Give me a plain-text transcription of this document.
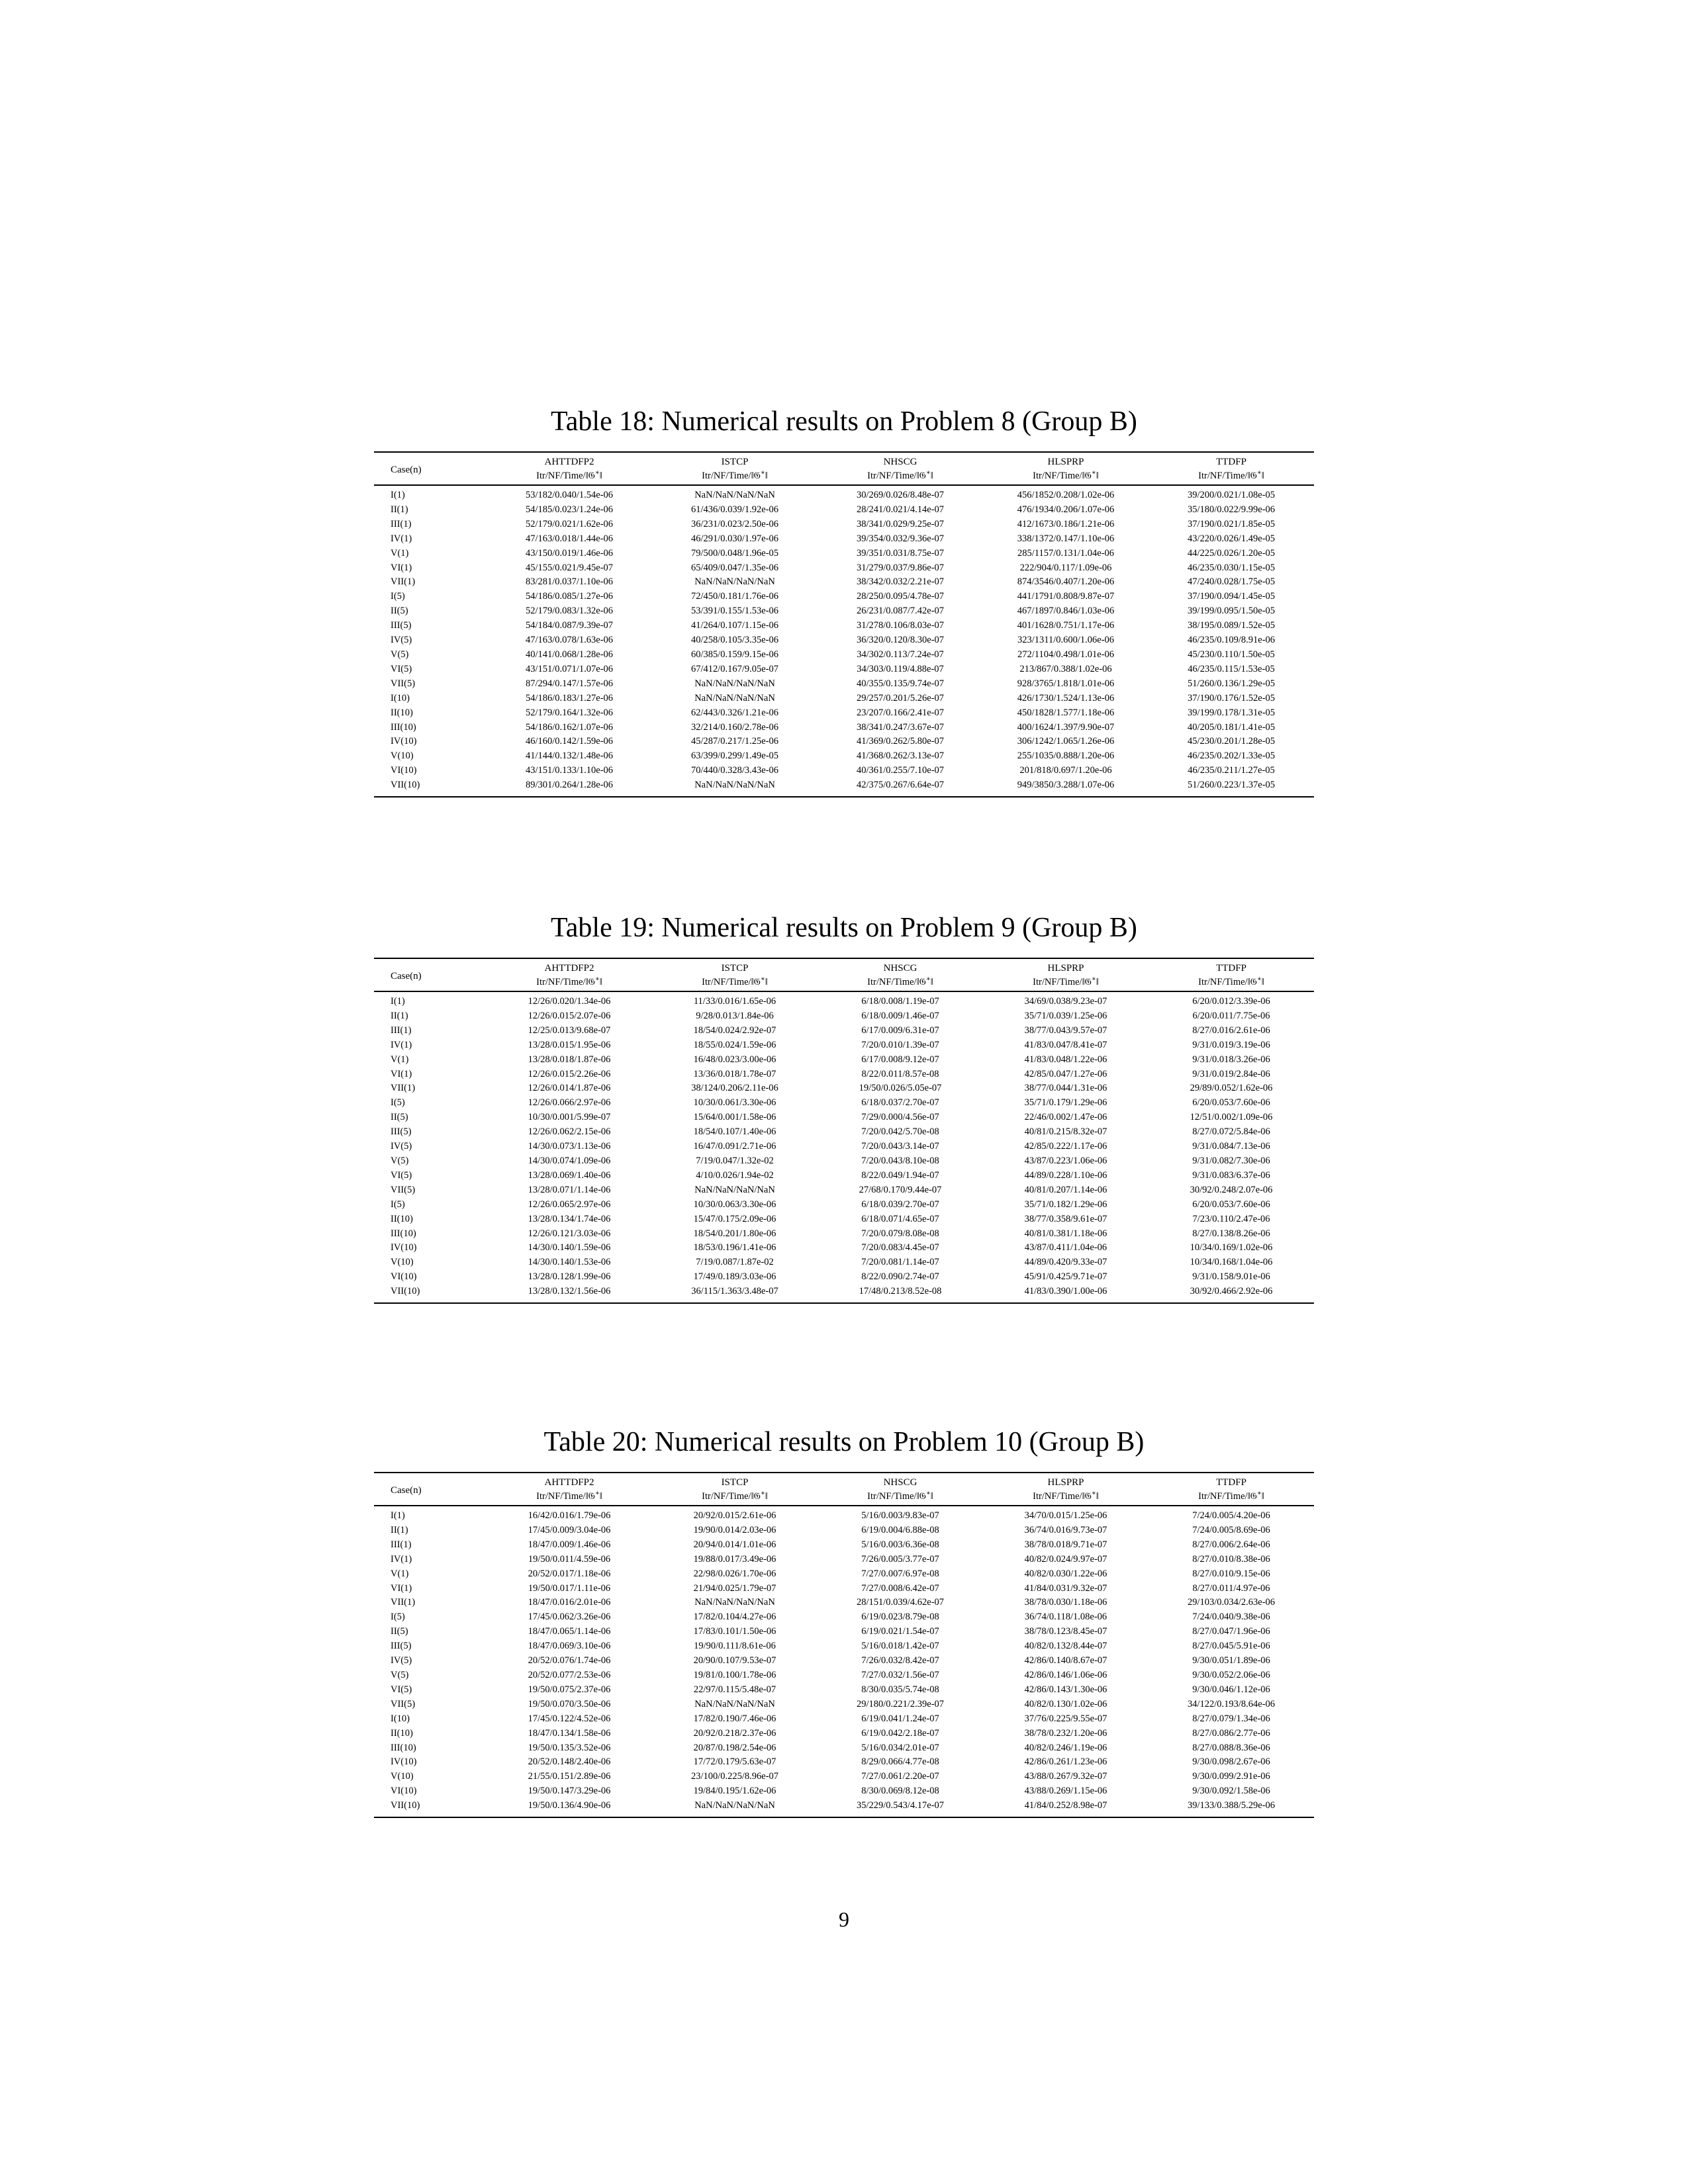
Table 18: Numerical results on Problem 8 (Group B)
Case(n)	AHTTDFP2	ISTCP	NHSCG	HLSPRP	TTDFP
	Itr/NF/Time/‖𝔊∗‖	Itr/NF/Time/‖𝔊∗‖	Itr/NF/Time/‖𝔊∗‖	Itr/NF/Time/‖𝔊∗‖	Itr/NF/Time/‖𝔊∗‖
I(1)	53/182/0.040/1.54e-06	NaN/NaN/NaN/NaN	30/269/0.026/8.48e-07	456/1852/0.208/1.02e-06	39/200/0.021/1.08e-05
II(1)	54/185/0.023/1.24e-06	61/436/0.039/1.92e-06	28/241/0.021/4.14e-07	476/1934/0.206/1.07e-06	35/180/0.022/9.99e-06
III(1)	52/179/0.021/1.62e-06	36/231/0.023/2.50e-06	38/341/0.029/9.25e-07	412/1673/0.186/1.21e-06	37/190/0.021/1.85e-05
IV(1)	47/163/0.018/1.44e-06	46/291/0.030/1.97e-06	39/354/0.032/9.36e-07	338/1372/0.147/1.10e-06	43/220/0.026/1.49e-05
V(1)	43/150/0.019/1.46e-06	79/500/0.048/1.96e-05	39/351/0.031/8.75e-07	285/1157/0.131/1.04e-06	44/225/0.026/1.20e-05
VI(1)	45/155/0.021/9.45e-07	65/409/0.047/1.35e-06	31/279/0.037/9.86e-07	222/904/0.117/1.09e-06	46/235/0.030/1.15e-05
VII(1)	83/281/0.037/1.10e-06	NaN/NaN/NaN/NaN	38/342/0.032/2.21e-07	874/3546/0.407/1.20e-06	47/240/0.028/1.75e-05
I(5)	54/186/0.085/1.27e-06	72/450/0.181/1.76e-06	28/250/0.095/4.78e-07	441/1791/0.808/9.87e-07	37/190/0.094/1.45e-05
II(5)	52/179/0.083/1.32e-06	53/391/0.155/1.53e-06	26/231/0.087/7.42e-07	467/1897/0.846/1.03e-06	39/199/0.095/1.50e-05
III(5)	54/184/0.087/9.39e-07	41/264/0.107/1.15e-06	31/278/0.106/8.03e-07	401/1628/0.751/1.17e-06	38/195/0.089/1.52e-05
IV(5)	47/163/0.078/1.63e-06	40/258/0.105/3.35e-06	36/320/0.120/8.30e-07	323/1311/0.600/1.06e-06	46/235/0.109/8.91e-06
V(5)	40/141/0.068/1.28e-06	60/385/0.159/9.15e-06	34/302/0.113/7.24e-07	272/1104/0.498/1.01e-06	45/230/0.110/1.50e-05
VI(5)	43/151/0.071/1.07e-06	67/412/0.167/9.05e-07	34/303/0.119/4.88e-07	213/867/0.388/1.02e-06	46/235/0.115/1.53e-05
VII(5)	87/294/0.147/1.57e-06	NaN/NaN/NaN/NaN	40/355/0.135/9.74e-07	928/3765/1.818/1.01e-06	51/260/0.136/1.29e-05
I(10)	54/186/0.183/1.27e-06	NaN/NaN/NaN/NaN	29/257/0.201/5.26e-07	426/1730/1.524/1.13e-06	37/190/0.176/1.52e-05
II(10)	52/179/0.164/1.32e-06	62/443/0.326/1.21e-06	23/207/0.166/2.41e-07	450/1828/1.577/1.18e-06	39/199/0.178/1.31e-05
III(10)	54/186/0.162/1.07e-06	32/214/0.160/2.78e-06	38/341/0.247/3.67e-07	400/1624/1.397/9.90e-07	40/205/0.181/1.41e-05
IV(10)	46/160/0.142/1.59e-06	45/287/0.217/1.25e-06	41/369/0.262/5.80e-07	306/1242/1.065/1.26e-06	45/230/0.201/1.28e-05
V(10)	41/144/0.132/1.48e-06	63/399/0.299/1.49e-05	41/368/0.262/3.13e-07	255/1035/0.888/1.20e-06	46/235/0.202/1.33e-05
VI(10)	43/151/0.133/1.10e-06	70/440/0.328/3.43e-06	40/361/0.255/7.10e-07	201/818/0.697/1.20e-06	46/235/0.211/1.27e-05
VII(10)	89/301/0.264/1.28e-06	NaN/NaN/NaN/NaN	42/375/0.267/6.64e-07	949/3850/3.288/1.07e-06	51/260/0.223/1.37e-05
Table 19: Numerical results on Problem 9 (Group B)
Case(n)	AHTTDFP2	ISTCP	NHSCG	HLSPRP	TTDFP
	Itr/NF/Time/‖𝔊∗‖	Itr/NF/Time/‖𝔊∗‖	Itr/NF/Time/‖𝔊∗‖	Itr/NF/Time/‖𝔊∗‖	Itr/NF/Time/‖𝔊∗‖
I(1)	12/26/0.020/1.34e-06	11/33/0.016/1.65e-06	6/18/0.008/1.19e-07	34/69/0.038/9.23e-07	6/20/0.012/3.39e-06
II(1)	12/26/0.015/2.07e-06	9/28/0.013/1.84e-06	6/18/0.009/1.46e-07	35/71/0.039/1.25e-06	6/20/0.011/7.75e-06
III(1)	12/25/0.013/9.68e-07	18/54/0.024/2.92e-07	6/17/0.009/6.31e-07	38/77/0.043/9.57e-07	8/27/0.016/2.61e-06
IV(1)	13/28/0.015/1.95e-06	18/55/0.024/1.59e-06	7/20/0.010/1.39e-07	41/83/0.047/8.41e-07	9/31/0.019/3.19e-06
V(1)	13/28/0.018/1.87e-06	16/48/0.023/3.00e-06	6/17/0.008/9.12e-07	41/83/0.048/1.22e-06	9/31/0.018/3.26e-06
VI(1)	12/26/0.015/2.26e-06	13/36/0.018/1.78e-07	8/22/0.011/8.57e-08	42/85/0.047/1.27e-06	9/31/0.019/2.84e-06
VII(1)	12/26/0.014/1.87e-06	38/124/0.206/2.11e-06	19/50/0.026/5.05e-07	38/77/0.044/1.31e-06	29/89/0.052/1.62e-06
I(5)	12/26/0.066/2.97e-06	10/30/0.061/3.30e-06	6/18/0.037/2.70e-07	35/71/0.179/1.29e-06	6/20/0.053/7.60e-06
II(5)	10/30/0.001/5.99e-07	15/64/0.001/1.58e-06	7/29/0.000/4.56e-07	22/46/0.002/1.47e-06	12/51/0.002/1.09e-06
III(5)	12/26/0.062/2.15e-06	18/54/0.107/1.40e-06	7/20/0.042/5.70e-08	40/81/0.215/8.32e-07	8/27/0.072/5.84e-06
IV(5)	14/30/0.073/1.13e-06	16/47/0.091/2.71e-06	7/20/0.043/3.14e-07	42/85/0.222/1.17e-06	9/31/0.084/7.13e-06
V(5)	14/30/0.074/1.09e-06	7/19/0.047/1.32e-02	7/20/0.043/8.10e-08	43/87/0.223/1.06e-06	9/31/0.082/7.30e-06
VI(5)	13/28/0.069/1.40e-06	4/10/0.026/1.94e-02	8/22/0.049/1.94e-07	44/89/0.228/1.10e-06	9/31/0.083/6.37e-06
VII(5)	13/28/0.071/1.14e-06	NaN/NaN/NaN/NaN	27/68/0.170/9.44e-07	40/81/0.207/1.14e-06	30/92/0.248/2.07e-06
I(5)	12/26/0.065/2.97e-06	10/30/0.063/3.30e-06	6/18/0.039/2.70e-07	35/71/0.182/1.29e-06	6/20/0.053/7.60e-06
II(10)	13/28/0.134/1.74e-06	15/47/0.175/2.09e-06	6/18/0.071/4.65e-07	38/77/0.358/9.61e-07	7/23/0.110/2.47e-06
III(10)	12/26/0.121/3.03e-06	18/54/0.201/1.80e-06	7/20/0.079/8.08e-08	40/81/0.381/1.18e-06	8/27/0.138/8.26e-06
IV(10)	14/30/0.140/1.59e-06	18/53/0.196/1.41e-06	7/20/0.083/4.45e-07	43/87/0.411/1.04e-06	10/34/0.169/1.02e-06
V(10)	14/30/0.140/1.53e-06	7/19/0.087/1.87e-02	7/20/0.081/1.14e-07	44/89/0.420/9.33e-07	10/34/0.168/1.04e-06
VI(10)	13/28/0.128/1.99e-06	17/49/0.189/3.03e-06	8/22/0.090/2.74e-07	45/91/0.425/9.71e-07	9/31/0.158/9.01e-06
VII(10)	13/28/0.132/1.56e-06	36/115/1.363/3.48e-07	17/48/0.213/8.52e-08	41/83/0.390/1.00e-06	30/92/0.466/2.92e-06
Table 20: Numerical results on Problem 10 (Group B)
Case(n)	AHTTDFP2	ISTCP	NHSCG	HLSPRP	TTDFP
	Itr/NF/Time/‖𝔊∗‖	Itr/NF/Time/‖𝔊∗‖	Itr/NF/Time/‖𝔊∗‖	Itr/NF/Time/‖𝔊∗‖	Itr/NF/Time/‖𝔊∗‖
I(1)	16/42/0.016/1.79e-06	20/92/0.015/2.61e-06	5/16/0.003/9.83e-07	34/70/0.015/1.25e-06	7/24/0.005/4.20e-06
II(1)	17/45/0.009/3.04e-06	19/90/0.014/2.03e-06	6/19/0.004/6.88e-08	36/74/0.016/9.73e-07	7/24/0.005/8.69e-06
III(1)	18/47/0.009/1.46e-06	20/94/0.014/1.01e-06	5/16/0.003/6.36e-08	38/78/0.018/9.71e-07	8/27/0.006/2.64e-06
IV(1)	19/50/0.011/4.59e-06	19/88/0.017/3.49e-06	7/26/0.005/3.77e-07	40/82/0.024/9.97e-07	8/27/0.010/8.38e-06
V(1)	20/52/0.017/1.18e-06	22/98/0.026/1.70e-06	7/27/0.007/6.97e-08	40/82/0.030/1.22e-06	8/27/0.010/9.15e-06
VI(1)	19/50/0.017/1.11e-06	21/94/0.025/1.79e-07	7/27/0.008/6.42e-07	41/84/0.031/9.32e-07	8/27/0.011/4.97e-06
VII(1)	18/47/0.016/2.01e-06	NaN/NaN/NaN/NaN	28/151/0.039/4.62e-07	38/78/0.030/1.18e-06	29/103/0.034/2.63e-06
I(5)	17/45/0.062/3.26e-06	17/82/0.104/4.27e-06	6/19/0.023/8.79e-08	36/74/0.118/1.08e-06	7/24/0.040/9.38e-06
II(5)	18/47/0.065/1.14e-06	17/83/0.101/1.50e-06	6/19/0.021/1.54e-07	38/78/0.123/8.45e-07	8/27/0.047/1.96e-06
III(5)	18/47/0.069/3.10e-06	19/90/0.111/8.61e-06	5/16/0.018/1.42e-07	40/82/0.132/8.44e-07	8/27/0.045/5.91e-06
IV(5)	20/52/0.076/1.74e-06	20/90/0.107/9.53e-07	7/26/0.032/8.42e-07	42/86/0.140/8.67e-07	9/30/0.051/1.89e-06
V(5)	20/52/0.077/2.53e-06	19/81/0.100/1.78e-06	7/27/0.032/1.56e-07	42/86/0.146/1.06e-06	9/30/0.052/2.06e-06
VI(5)	19/50/0.075/2.37e-06	22/97/0.115/5.48e-07	8/30/0.035/5.74e-08	42/86/0.143/1.30e-06	9/30/0.046/1.12e-06
VII(5)	19/50/0.070/3.50e-06	NaN/NaN/NaN/NaN	29/180/0.221/2.39e-07	40/82/0.130/1.02e-06	34/122/0.193/8.64e-06
I(10)	17/45/0.122/4.52e-06	17/82/0.190/7.46e-06	6/19/0.041/1.24e-07	37/76/0.225/9.55e-07	8/27/0.079/1.34e-06
II(10)	18/47/0.134/1.58e-06	20/92/0.218/2.37e-06	6/19/0.042/2.18e-07	38/78/0.232/1.20e-06	8/27/0.086/2.77e-06
III(10)	19/50/0.135/3.52e-06	20/87/0.198/2.54e-06	5/16/0.034/2.01e-07	40/82/0.246/1.19e-06	8/27/0.088/8.36e-06
IV(10)	20/52/0.148/2.40e-06	17/72/0.179/5.63e-07	8/29/0.066/4.77e-08	42/86/0.261/1.23e-06	9/30/0.098/2.67e-06
V(10)	21/55/0.151/2.89e-06	23/100/0.225/8.96e-07	7/27/0.061/2.20e-07	43/88/0.267/9.32e-07	9/30/0.099/2.91e-06
VI(10)	19/50/0.147/3.29e-06	19/84/0.195/1.62e-06	8/30/0.069/8.12e-08	43/88/0.269/1.15e-06	9/30/0.092/1.58e-06
VII(10)	19/50/0.136/4.90e-06	NaN/NaN/NaN/NaN	35/229/0.543/4.17e-07	41/84/0.252/8.98e-07	39/133/0.388/5.29e-06
9
